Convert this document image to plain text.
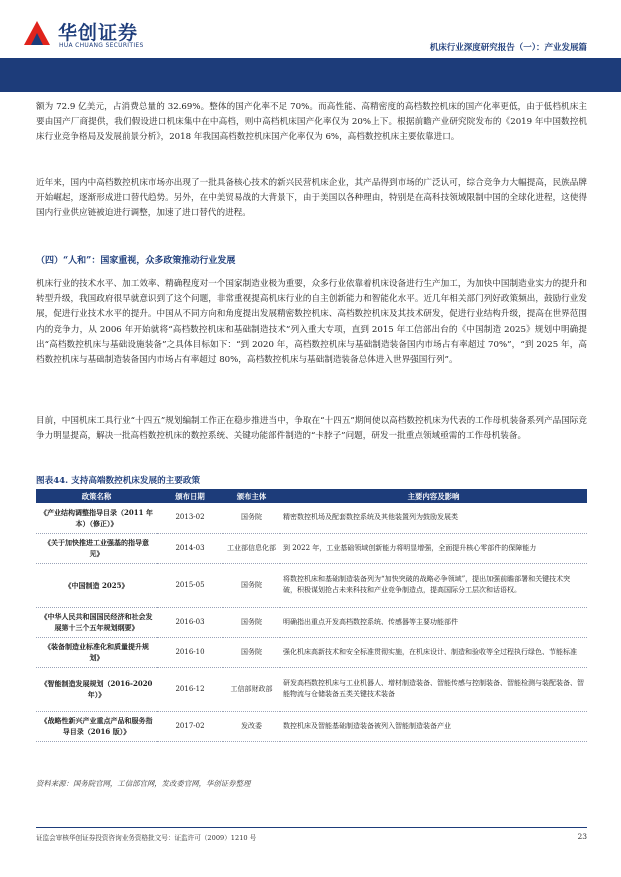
华创证券
HUA CHUANG SECURITIES	机床行业深度研究报告（一）：产业发展篇

额为 72.9 亿美元，占消费总量的 32.69%。整体的国产化率不足 70%。而高性能、高精密度的高档数控机床的国产化率更低，由于低档机床主要由国产厂商提供，我们假设进口机床集中在中高档，则中高档机床国产化率仅为 20%上下。根据前瞻产业研究院发布的《2019 年中国数控机床行业竞争格局及发展前景分析》，2018 年我国高档数控机床国产化率仅为 6%，高档数控机床主要依靠进口。

近年来，国内中高档数控机床市场亦出现了一批具备核心技术的新兴民营机床企业，其产品得到市场的广泛认可，综合竞争力大幅提高，民族品牌开始崛起，逐渐形成进口替代趋势。另外，在中美贸易战的大背景下，由于美国以各种理由，特别是在高科技领域限制中国的全球化进程，这使得国内行业供应链被迫进行调整，加速了进口替代的进程。

（四）“人和”：国家重视，众多政策推动行业发展

机床行业的技术水平、加工效率、精确程度对一个国家制造业极为重要，众多行业依靠着机床设备进行生产加工，为加快中国制造业实力的提升和转型升级，我国政府很早就意识到了这个问题，非常重视提高机床行业的自主创新能力和智能化水平。近几年相关部门列好政策频出，鼓励行业发展，促进行业技术水平的提升。中国从不同方向和角度提出发展精密数控机床、高档数控机床及其技术研发，促进行业结构升级，提高在世界范围内的竞争力，从 2006 年开始就将“高档数控机床和基础制造技术”列入重大专项，直到 2015 年工信部出台的《中国制造 2025》规划中明确提出“高档数控机床与基础设施装备”之具体目标如下：“到 2020 年，高档数控机床与基础制造装备国内市场占有率超过 70%”，“到 2025 年，高档数控机床与基础制造装备国内市场占有率超过 80%，高档数控机床与基础制造装备总体进入世界强国行列”。

目前，中国机床工具行业“十四五”规划编制工作正在稳步推进当中，争取在“十四五”期间使以高档数控机床为代表的工作母机装备系列产品国际竞争力明显提高，解决一批高档数控机床的数控系统、关键功能部件制造的“卡脖子”问题，研发一批重点领域亟需的工作母机装备。

图表44. 支持高端数控机床发展的主要政策
政策名称	颁布日期	颁布主体	主要内容及影响
《产业结构调整指导目录（2011 年本）（修正）》	2013-02	国务院	精密数控机场及配套数控系统及其他装置列为鼓励发展类
《关于加快推进工业强基的指导意见》	2014-03	工业部信息化部	到 2022 年，工业基础领域创新能力将明显增强，全面提升核心零部件的保障能力
《中国制造 2025》	2015-05	国务院	将数控机床和基础制造装备列为“加快突破的战略必争领域”，提出加强前瞻部署和关键技术突破，积极谋划抢占未来科技和产业竞争制造点，提高国际分工层次和话语权。
《中华人民共和国国民经济和社会发展第十三个五年规划纲要》	2016-03	国务院	明确指出重点开发高档数控系统、传感器等主要功能部件
《装备制造业标准化和质量提升规划》	2016-10	国务院	强化机床高新技术和安全标准贯彻实施，在机床设计、制造和验收等全过程执行绿色、节能标准
《智能制造发展规划（2016-2020 年）》	2016-12	工信部财政部	研发高档数控机床与工业机器人、增材制造装备、智能传感与控制装备、智能检测与装配装备、智能物流与仓储装备五类关键技术装备
《战略性新兴产业重点产品和服务指导目录（2016 版）》	2017-02	发改委	数控机床及智能基础制造装备被列入智能制造装备产业
资料来源：国务院官网，工信部官网，发改委官网，华创证券整理
证监会审核华创证券投资咨询业务资格批文号：证监许可（2009）1210 号	23
